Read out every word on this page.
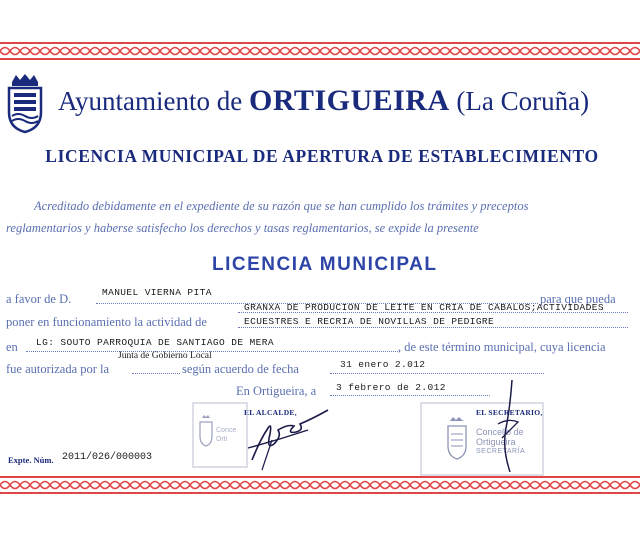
Ayuntamiento de ORTIGUEIRA (La Coruña)
LICENCIA MUNICIPAL DE APERTURA DE ESTABLECIMIENTO
Acreditado debidamente en el expediente de su razón que se han cumplido los trámites y preceptos
reglamentarios y haberse satisfecho los derechos y tasas reglamentarios, se expide la presente
LICENCIA MUNICIPAL
a favor de D.	MANUEL VIERNA PITA	para que pueda
poner en funcionamiento la actividad de
GRANXA DE PRODUCION DE LEITE EN CRIA DE CABALOS;ACTIVIDADES
ECUESTRES E RECRIA DE NOVILLAS DE PEDIGRE
en LG: SOUTO PARROQUIA DE SANTIAGO DE MERA	, de este término municipal, cuya licencia
fue autorizada por la
Junta de Gobierno Local
según acuerdo de fecha	31 enero 2.012
En Ortigueira, a 3 febrero de 2.012
EL ALCALDE,
Conce
Orti
EL SECRETARIO,
Concello de
Ortigueira
SECRETARÍA
Expte. Núm. 2011/026/000003
